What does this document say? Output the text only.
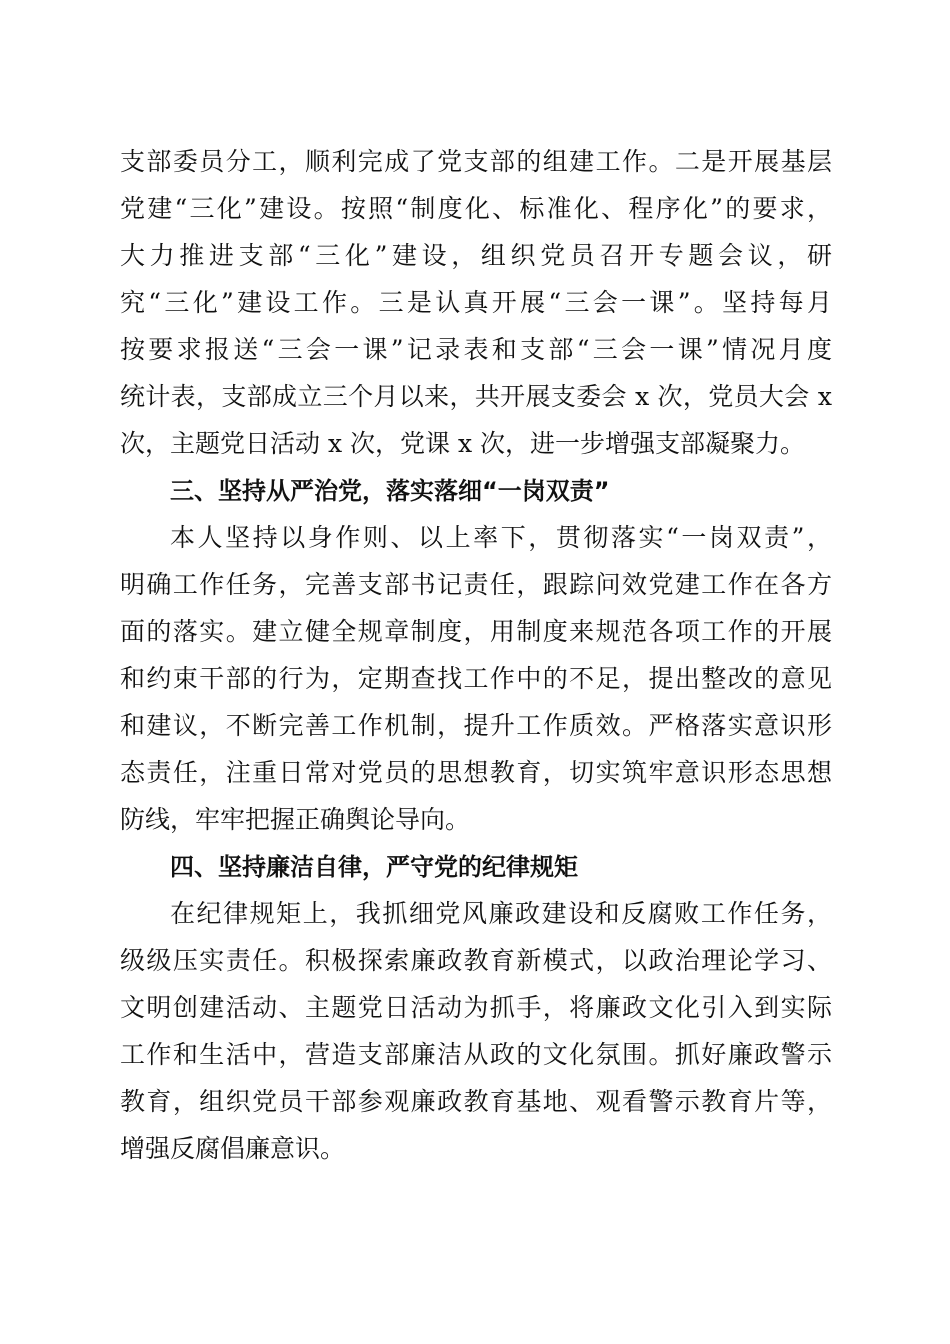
支部委员分工，顺利完成了党支部的组建工作。二是开展基层
党建“三化”建设。按照“制度化、标准化、程序化”的要求，
大力推进支部“三化”建设，组织党员召开专题会议，研
究“三化”建设工作。三是认真开展“三会一课”。坚持每月
按要求报送“三会一课”记录表和支部“三会一课”情况月度
统计表，支部成立三个月以来，共开展支委会 x 次，党员大会 x
次，主题党日活动 x 次，党课 x 次，进一步增强支部凝聚力。
三、坚持从严治党，落实落细“一岗双责”
本人坚持以身作则、以上率下，贯彻落实“一岗双责”，
明确工作任务，完善支部书记责任，跟踪问效党建工作在各方
面的落实。建立健全规章制度，用制度来规范各项工作的开展
和约束干部的行为，定期查找工作中的不足，提出整改的意见
和建议，不断完善工作机制，提升工作质效。严格落实意识形
态责任，注重日常对党员的思想教育，切实筑牢意识形态思想
防线，牢牢把握正确舆论导向。
四、坚持廉洁自律，严守党的纪律规矩
在纪律规矩上，我抓细党风廉政建设和反腐败工作任务，
级级压实责任。积极探索廉政教育新模式，以政治理论学习、
文明创建活动、主题党日活动为抓手，将廉政文化引入到实际
工作和生活中，营造支部廉洁从政的文化氛围。抓好廉政警示
教育，组织党员干部参观廉政教育基地、观看警示教育片等，
增强反腐倡廉意识。
